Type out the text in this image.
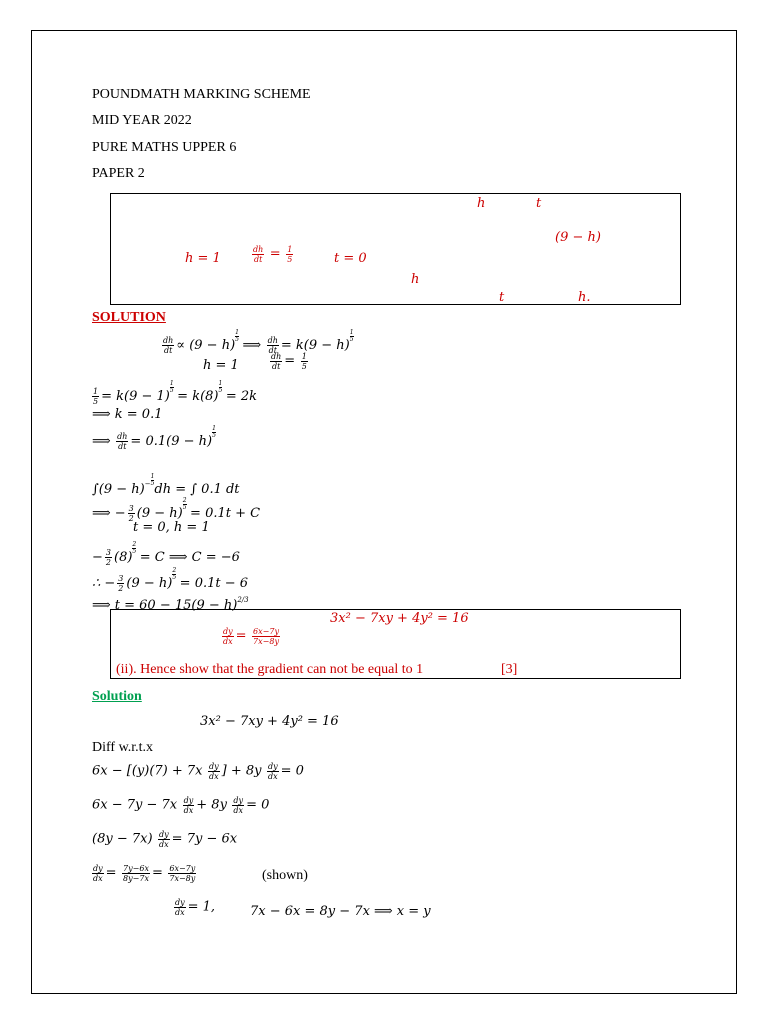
POUNDMATH MARKING SCHEME
MID YEAR 2022
PURE MATHS UPPER 6
PAPER 2
h	t
(9 − h)
h = 1	$\frac{dh}{dt} = \frac{1}{5}$	t = 0
h
t	h.
SOLUTION
$\frac{dh}{dt} \propto (9 - h)$
$\frac{1}{5}$
⟹ $\frac{dh}{dt} = k(9 - h)$
$\frac{1}{5}$
h = 1	$\frac{dh}{dt} = \frac{1}{5}$
$\frac{1}{5} = k(9 - 1)$
$\frac{1}{5}$
= k(8)
$\frac{1}{5}$
= 2k
⟹ k = 0.1
⟹ $\frac{dh}{dt} = 0.1(9 - h)$
$\frac{1}{5}$
$\int(9 - h)^- \frac{1}{5}$
dh = ∫ 0.1 dt
⟹ − $\frac{3}{2} (9 - h)$
$\frac{2}{5}$
= 0.1t + C
t = 0, h = 1
− $\frac{3}{2} (8)$
$\frac{2}{5}$
= C ⟹ C = −6
∴ − $\frac{3}{2} (9 - h)$
$\frac{2}{5}$
= 0.1t − 6
⟹ $t = 60 - 15(9 - h)^{2/3}$
3x² − 7xy + 4y² = 16
$\frac{dy}{dx} = \frac{6x-7y}{7x-8y}$
(ii). Hence show that the gradient can not be equal to 1	[3]
Solution
3x² − 7xy + 4y² = 16
Diff w.r.t.x
$6x - [(y)(7) + 7x \frac{dy}{dx}$ ] + $8y \frac{dy}{dx} = 0$
$6x - 7y - 7x \frac{dy}{dx} + 8y \frac{dy}{dx} = 0$
$(8y - 7x) \frac{dy}{dx} = 7y - 6x$
$\frac{dy}{dx} = \frac{7y-6x}{8y-7x} = \frac{6x-7y}{7x-8y}$	(shown)
$\frac{dy}{dx} = 1$,	7x − 6x = 8y − 7x ⟹ x = y
